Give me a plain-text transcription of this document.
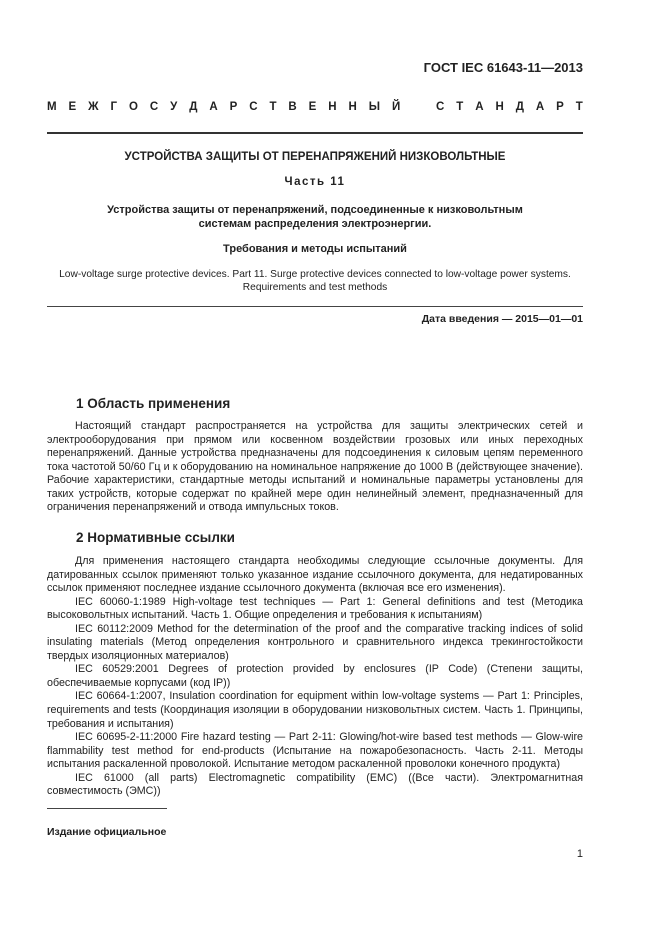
ГОСТ IEC 61643-11—2013
М Е Ж Г О С У Д А Р С Т В Е Н Н Ы Й	С Т А Н Д А Р Т
УСТРОЙСТВА ЗАЩИТЫ ОТ ПЕРЕНАПРЯЖЕНИЙ НИЗКОВОЛЬТНЫЕ
Часть 11
Устройства защиты от перенапряжений, подсоединенные к низковольтным
системам распределения электроэнергии.
Требования и методы испытаний
Low-voltage surge protective devices. Part 11. Surge protective devices connected to low-voltage power systems.
Requirements and test methods
Дата введения — 2015—01—01
1 Область применения

Настоящий стандарт распространяется на устройства для защиты электрических сетей и электрооборудования при прямом или косвенном воздействии грозовых или иных переходных перенапряжений. Данные устройства предназначены для подсоединения к силовым цепям переменного тока частотой 50/60 Гц и к оборудованию на номинальное напряжение до 1000 В (действующее значение). Рабочие характеристики, стандартные методы испытаний и номинальные параметры установлены для таких устройств, которые содержат по крайней мере один нелинейный элемент, предназначенный для ограничения перенапряжений и отвода импульсных токов.

2 Нормативные ссылки

Для применения настоящего стандарта необходимы следующие ссылочные документы. Для датированных ссылок применяют только указанное издание ссылочного документа, для недатированных ссылок применяют последнее издание ссылочного документа (включая все его изменения).

IEC 60060-1:1989 High-voltage test techniques — Part 1: General definitions and test (Методика высоковольтных испытаний. Часть 1. Общие определения и требования к испытаниям)

IEC 60112:2009 Method for the determination of the proof and the comparative tracking indices of solid insulating materials (Метод определения контрольного и сравнительного индекса трекингостойкости твердых изоляционных материалов)

IEC 60529:2001 Degrees of protection provided by enclosures (IP Code) (Степени защиты, обеспечиваемые корпусами (код IP))

IEC 60664-1:2007, Insulation coordination for equipment within low-voltage systems — Part 1: Principles, requirements and tests (Координация изоляции в оборудовании низковольтных систем. Часть 1. Принципы, требования и испытания)

IEC 60695-2-11:2000 Fire hazard testing — Part 2-11: Glowing/hot-wire based test methods — Glow-wire flammability test method for end-products (Испытание на пожаробезопасность. Часть 2-11. Методы испытания раскаленной проволокой. Испытание методом раскаленной проволоки конечного продукта)

IEC 61000 (all parts) Electromagnetic compatibility (EMC) ((Все части). Электромагнитная совместимость (ЭМС))

Издание официальное
1
